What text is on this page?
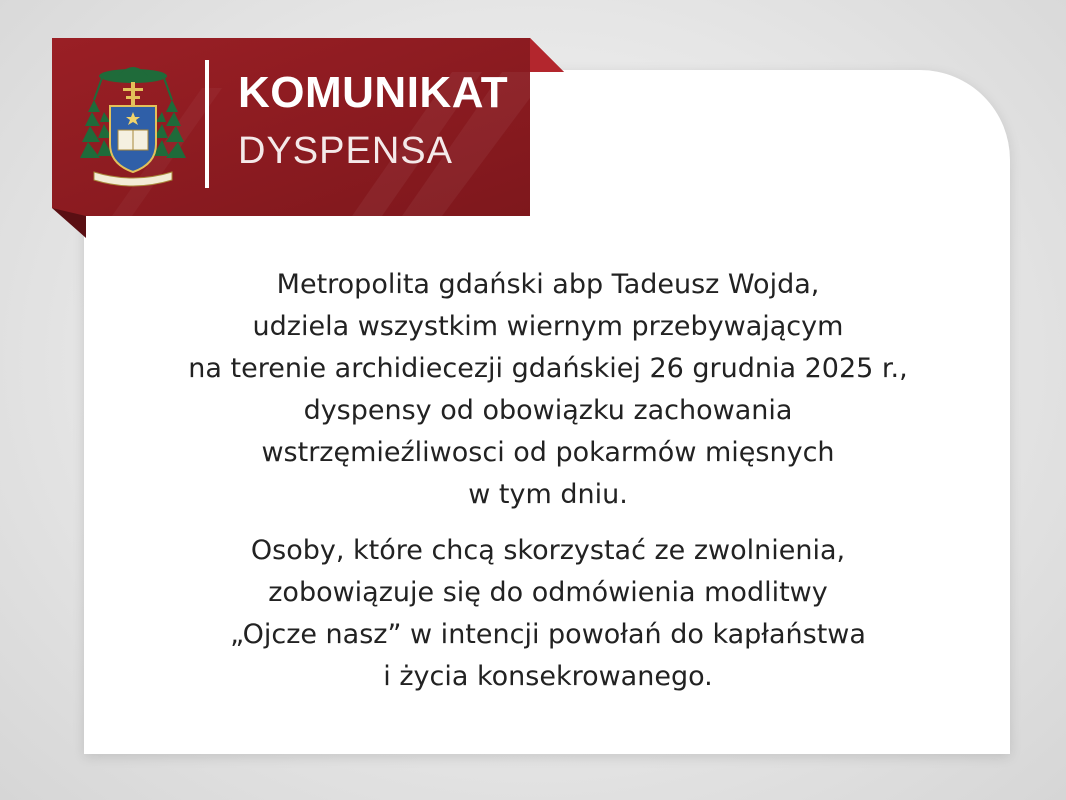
KOMUNIKAT
DYSPENSA

Metropolita gdański abp Tadeusz Wojda,
udziela wszystkim wiernym przebywającym
na terenie archidiecezji gdańskiej 26 grudnia 2025 r.,
dyspensy od obowiązku zachowania
wstrzęmieźliwosci od pokarmów mięsnych
w tym dniu.

Osoby, które chcą skorzystać ze zwolnienia,
zobowiązuje się do odmówienia modlitwy
„Ojcze nasz” w intencji powołań do kapłaństwa
i życia konsekrowanego.
